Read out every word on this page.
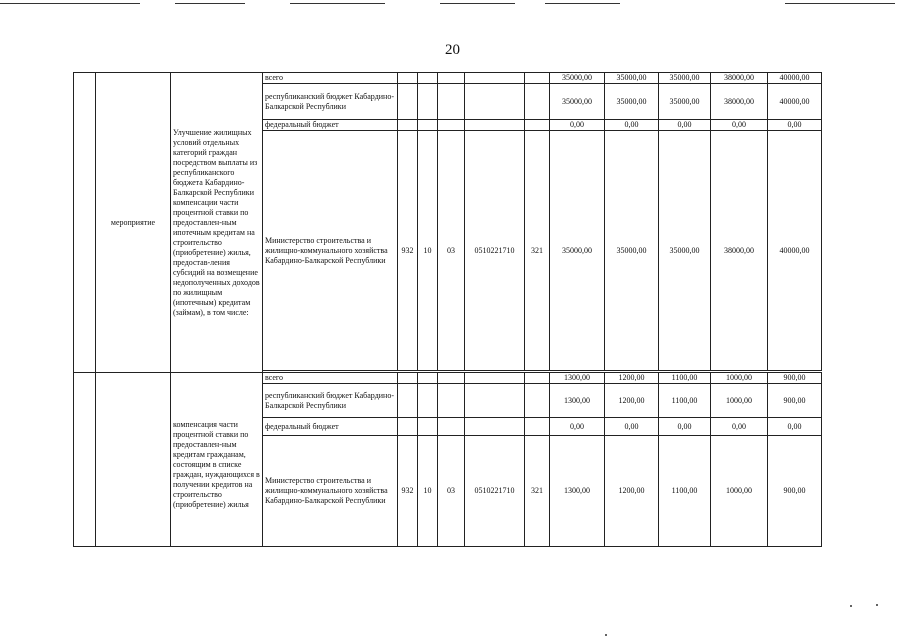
20
	мероприятие	Улучшение жилищных условий отдельных категорий граждан посредством выплаты из республиканского бюджета Кабардино-Балкарской Республики компенсации части процентной ставки по предоставлен-ным ипотечным кредитам на строительство (приобретение) жилья, предостав-ления субсидий на возмещение недополученных доходов по жилищным (ипотечным) кредитам (займам), в том числе:	всего						35000,00	35000,00	35000,00	38000,00	40000,00
			республиканский бюджет Кабардино- Балкарской Республики						35000,00	35000,00	35000,00	38000,00	40000,00
			федеральный бюджет						0,00	0,00	0,00	0,00	0,00
			Министерство строительства и жилищно-коммунального хозяйства Кабардино-Балкарской Республики	932	10	03	0510221710	321	35000,00	35000,00	35000,00	38000,00	40000,00

		компенсация части процентной ставки по предоставлен-ным кредитам гражданам, состоящим в списке граждан, нуждающихся в получении кредитов на строительство (приобретение) жилья	всего						1300,00	1200,00	1100,00	1000,00	900,00
			республиканский бюджет Кабардино- Балкарской Республики						1300,00	1200,00	1100,00	1000,00	900,00
			федеральный бюджет						0,00	0,00	0,00	0,00	0,00
			Министерство строительства и жилищно-коммунального хозяйства Кабардино-Балкарской Республики	932	10	03	0510221710	321	1300,00	1200,00	1100,00	1000,00	900,00
